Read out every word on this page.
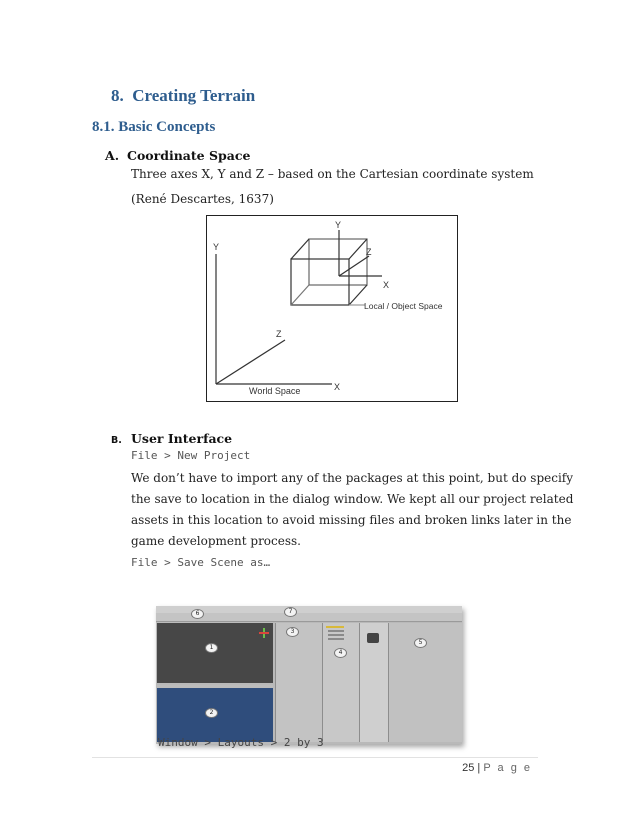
8. Creating Terrain
8.1. Basic Concepts
A. Coordinate Space
Three axes X, Y and Z – based on the Cartesian coordinate system
(René Descartes, 1637)
Y
Z
X
World Space
Y
Z
X
Local / Object Space
B. User Interface
File > New Project
We don’t have to import any of the packages at this point, but do specify
the save to location in the dialog window. We kept all our project related
assets in this location to avoid missing files and broken links later in the
game development process.
File > Save Scene as…
6	7
1
3
4
5
2
Window > Layouts > 2 by 3
25 | P a g e
